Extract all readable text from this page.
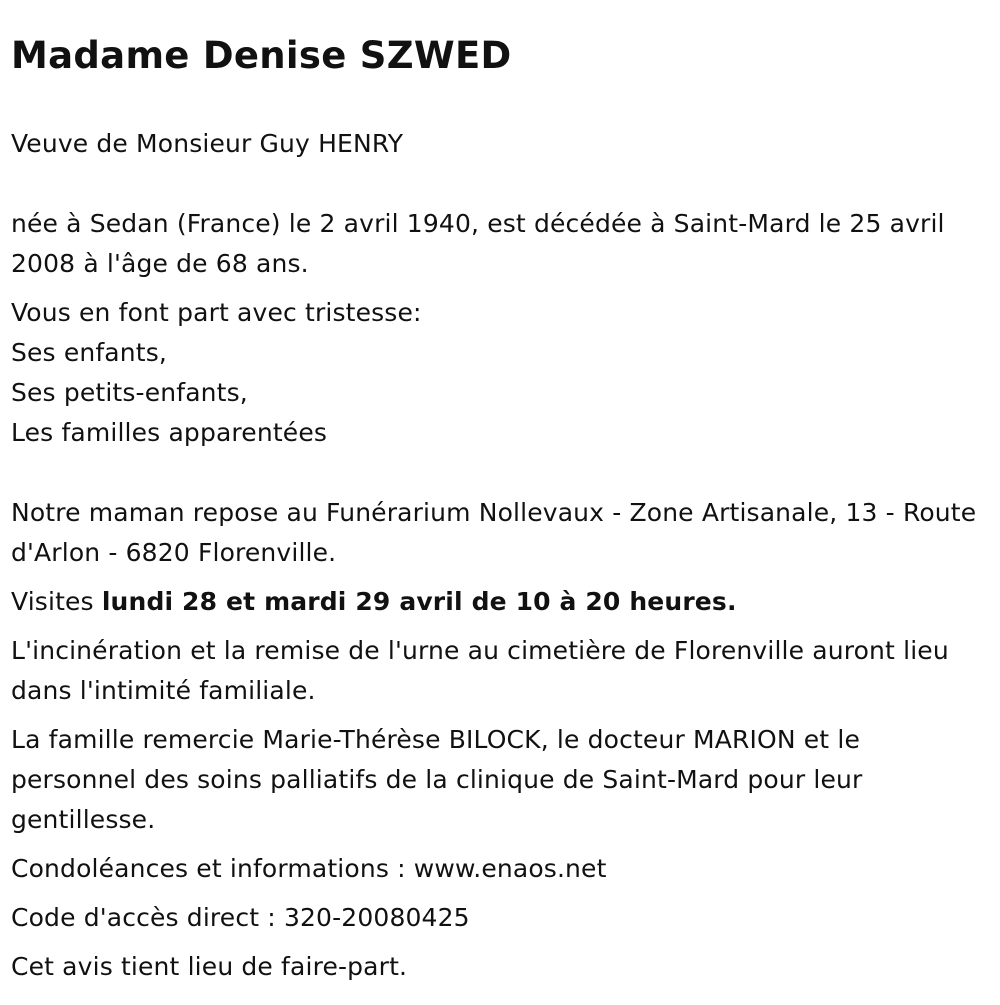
Madame Denise SZWED

Veuve de Monsieur Guy HENRY

née à Sedan (France) le 2 avril 1940, est décédée à Saint-Mard le 25 avril 2008 à l'âge de 68 ans.

Vous en font part avec tristesse:
Ses enfants,
Ses petits-enfants,
Les familles apparentées

Notre maman repose au Funérarium Nollevaux - Zone Artisanale, 13 - Route d'Arlon - 6820 Florenville.

Visites lundi 28 et mardi 29 avril de 10 à 20 heures.

L'incinération et la remise de l'urne au cimetière de Florenville auront lieu dans l'intimité familiale.

La famille remercie Marie-Thérèse BILOCK, le docteur MARION et le personnel des soins palliatifs de la clinique de Saint-Mard pour leur gentillesse.

Condoléances et informations : www.enaos.net

Code d'accès direct : 320-20080425

Cet avis tient lieu de faire-part.
